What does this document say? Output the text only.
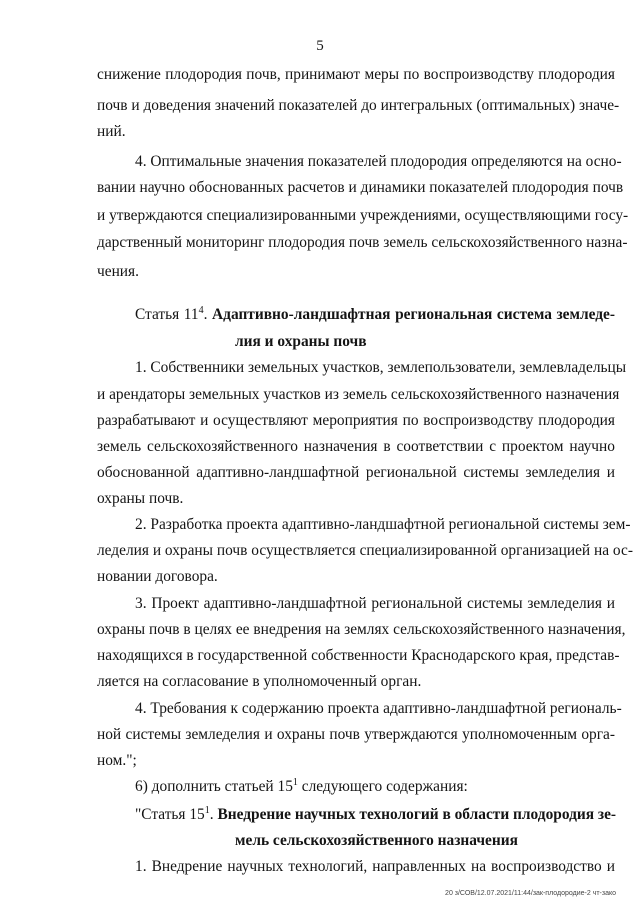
5
снижение плодородия почв, принимают меры по воспроизводству плодородия
почв и доведения значений показателей до интегральных (оптимальных) значе-
ний.
4. Оптимальные значения показателей плодородия определяются на осно-
вании научно обоснованных расчетов и динамики показателей плодородия почв
и утверждаются специализированными учреждениями, осуществляющими госу-
дарственный мониторинг плодородия почв земель сельскохозяйственного назна-
чения.
Статья $11^4$. Адаптивно-ландшафтная региональная система земледе-
лия и охраны почв
1. Собственники земельных участков, землепользователи, землевладельцы
и арендаторы земельных участков из земель сельскохозяйственного назначения
разрабатывают и осуществляют мероприятия по воспроизводству плодородия
земель сельскохозяйственного назначения в соответствии с проектом научно
обоснованной адаптивно-ландшафтной региональной системы земледелия и
охраны почв.
2. Разработка проекта адаптивно-ландшафтной региональной системы зем-
леделия и охраны почв осуществляется специализированной организацией на ос-
новании договора.
3. Проект адаптивно-ландшафтной региональной системы земледелия и
охраны почв в целях ее внедрения на землях сельскохозяйственного назначения,
находящихся в государственной собственности Краснодарского края, представ-
ляется на согласование в уполномоченный орган.
4. Требования к содержанию проекта адаптивно-ландшафтной региональ-
ной системы земледелия и охраны почв утверждаются уполномоченным орга-
ном.";
6) дополнить статьей $15^1$ следующего содержания:
"Статья $15^1$. Внедрение научных технологий в области плодородия зе-
мель сельскохозяйственного назначения
1. Внедрение научных технологий, направленных на воспроизводство и
20 з/СОВ/12.07.2021/11:44/зак-плодородие-2 чт-зако
